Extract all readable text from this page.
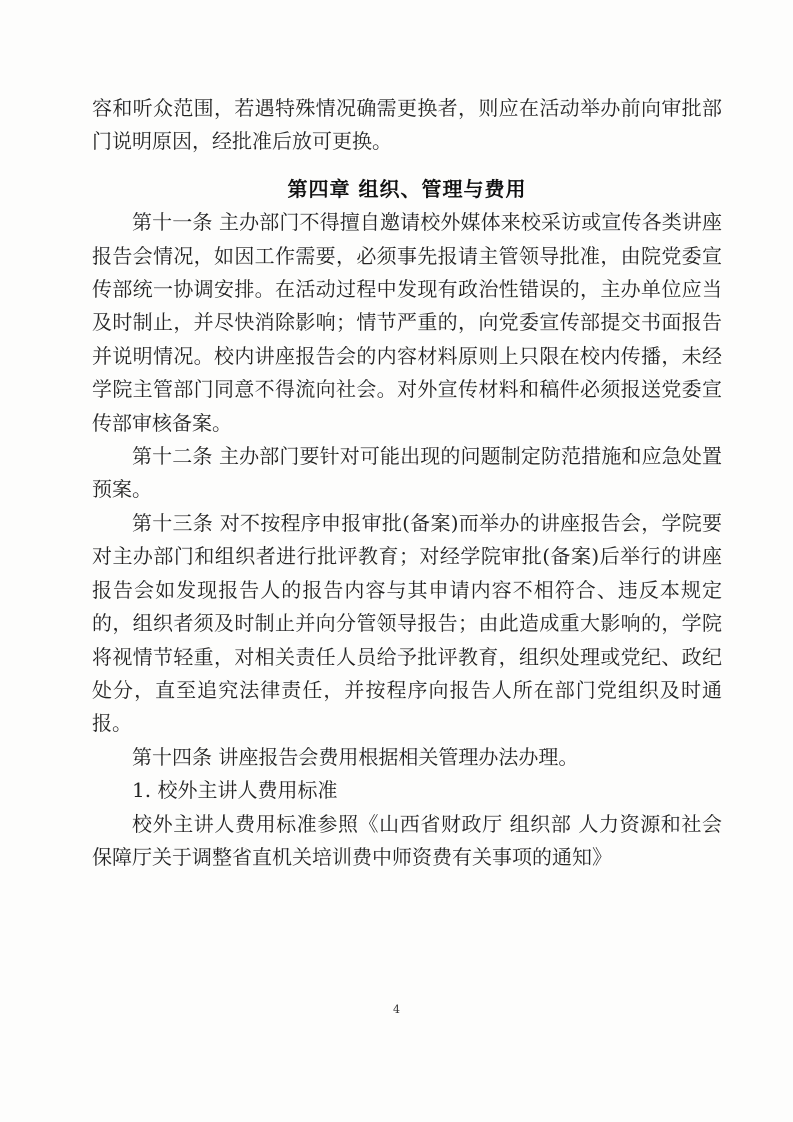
容和听众范围，若遇特殊情况确需更换者，则应在活动举办前向审批部门说明原因，经批准后放可更换。

第四章 组织、管理与费用

第十一条 主办部门不得擅自邀请校外媒体来校采访或宣传各类讲座报告会情况，如因工作需要，必须事先报请主管领导批准，由院党委宣传部统一协调安排。在活动过程中发现有政治性错误的，主办单位应当及时制止，并尽快消除影响；情节严重的，向党委宣传部提交书面报告并说明情况。校内讲座报告会的内容材料原则上只限在校内传播，未经学院主管部门同意不得流向社会。对外宣传材料和稿件必须报送党委宣传部审核备案。

第十二条 主办部门要针对可能出现的问题制定防范措施和应急处置预案。

第十三条 对不按程序申报审批(备案)而举办的讲座报告会，学院要对主办部门和组织者进行批评教育；对经学院审批(备案)后举行的讲座报告会如发现报告人的报告内容与其申请内容不相符合、违反本规定的，组织者须及时制止并向分管领导报告；由此造成重大影响的，学院将视情节轻重，对相关责任人员给予批评教育，组织处理或党纪、政纪处分，直至追究法律责任，并按程序向报告人所在部门党组织及时通报。

第十四条 讲座报告会费用根据相关管理办法办理。

1. 校外主讲人费用标准

校外主讲人费用标准参照《山西省财政厅 组织部 人力资源和社会保障厅关于调整省直机关培训费中师资费有关事项的通知》

4
